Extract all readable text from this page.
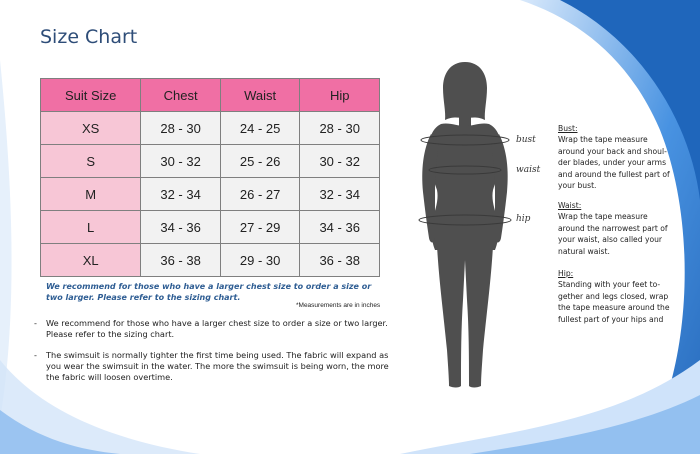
Size Chart
Suit Size	Chest	Waist	Hip
XS	28 - 30	24 - 25	28 - 30
S	30 - 32	25 - 26	30 - 32
M	32 - 34	26 - 27	32 - 34
L	34 - 36	27 - 29	34 - 36
XL	36 - 38	29 - 30	36 - 38
We recommend for those who have a larger chest size to order a size or two larger. Please refer to the sizing chart.
*Measurements are in inches
- We recommend for those who have a larger chest size to order a size or two larger. Please refer to the sizing chart.
- The swimsuit is normally tighter the first time being used. The fabric will expand as you wear the swimsuit in the water. The more the swimsuit is being worn, the more the fabric will loosen overtime.
bust
waist
hip
Bust:
Wrap the tape measure
around your back and shoul-
der blades, under your arms
and around the fullest part of
your bust.
Waist:
Wrap the tape measure
around the narrowest part of
your waist, also called your
natural waist.
Hip:
Standing with your feet to-
gether and legs closed, wrap
the tape measure around the
fullest part of your hips and
